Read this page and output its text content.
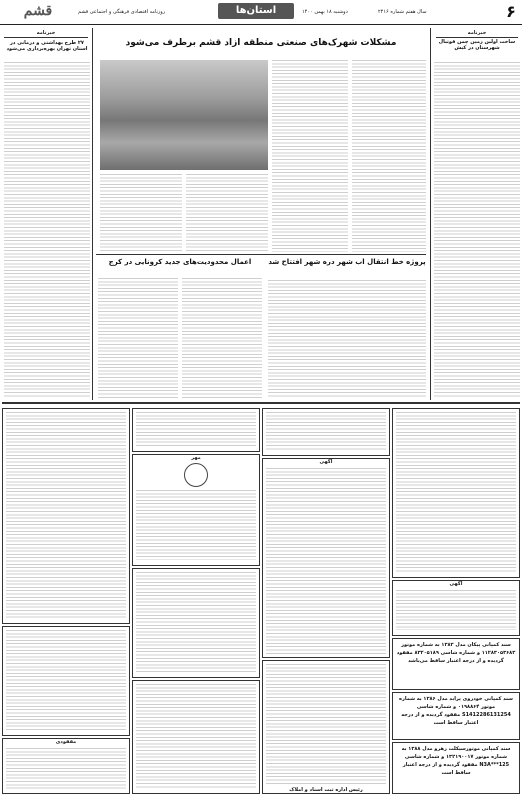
قشم	روزنامه اقتصادی فرهنگی و اجتماعی قشم	دوشنبه ۱۸ بهمن ۱۴۰۰	سال هفتم شماره ۲۴۱۶
استان‌ها	۶
خبرنامه
ساخت اولین زمین چمن فوتبال شهرستان در کیش
مشکلات شهرک‌های صنعتی منطقه آزاد قشم برطرف می‌شود
خبرنامه
۲۷ طرح بهداشتی و درمانی در استان تهران بهره‌برداری می‌شود
اعمال محدودیت‌های جدید کرونایی در کرج	پروژه خط انتقال آب شهر دره شهر افتتاح شد
آگهی
سند کمپانی پیکان مدل ۱۳۸۳ به شماره موتور ۱۱۲۸۳۰۵۳۶۸۳ و شماره شاسی ۸۳۲۰۵۱۸۹ مفقود گردیده و از درجه اعتبار ساقط می‌باشد
سند کمپانی خودروی پراید مدل ۱۳۸۶ به شماره موتور ۰۱۹۸۸۶۴ و شماره شاسی S1412286131254 مفقود گردیده و از درجه اعتبار ساقط است
سند کمپانی موتورسیکلت رهرو مدل ۱۳۸۸ به شماره موتور ۱۳۲۱۹۰۰۱۷ و شماره شاسی N3A***125 مفقود گردیده و از درجه اعتبار ساقط است
آگهی
رئیس اداره ثبت اسناد و املاک
مهر
مفقودی
